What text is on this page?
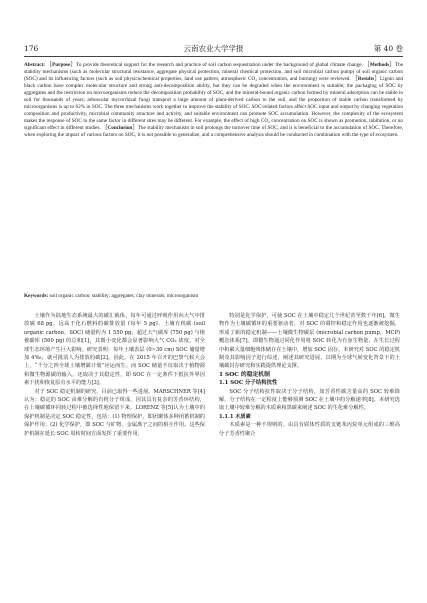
176	云南农业大学学报	第 40 卷
Abstract: ［Purpose］To provide theoretical support for the research and practice of soil carbon sequestration under the background of global climate change. ［Methods］The stability mechanisms (such as molecular structural resistance, aggregate physical protection, mineral chemical protection, and soil microbial carbon pump) of soil organic carbon (SOC) and its influencing factors (such as soil physicochemical properties, land use pattern, atmospheric CO₂ concentration, and burning) were reviewed. ［Results］Lignin and black carbon have complex molecular structure and strong anti-decomposition ability, but they can be degraded when the environment is suitable; the packaging of SOC by aggregates and the restriction on microorganisms reduce the decomposition probability of SOC, and the mineral-bound organic carbon formed by mineral adsorption can be stable in soil for thousands of years; arbuscular mycorrhizal fungi transport a large amount of plant-derived carbon to the soil, and the proportion of stable carbon transformed by microorganisms is up to 62% in SOC. The three mechanisms work together to improve the stability of SOC. SOC-related factors affect SOC input and output by changing vegetation composition and productivity, microbial community structure and activity, and suitable environment can promote SOC accumulation. However, the complexity of the ecosystem makes the response of SOC to the same factor in different sites may be different. For example, the effect of high CO₂ concentration on SOC is shown as promotion, inhibition, or no significant effect in different studies. ［Conclusion］The stability mechanism in soil prolongs the turnover time of SOC, and it is beneficial to the accumulation of SOC. Therefore, when exploring the impact of various factors on SOC, it is not possible to generalize, and a comprehensive analysis should be conducted in combination with the type of ecosystem.
Keywords: soil organic carbon; stability; aggregates; clay minerals; microorganism

土壤作为陆地生态系统最大的碳汇载体，每年可通过呼吸作用向大气中排放碳 68 pg，远高于化石燃料的碳排放量 (每年 5 pg)，土壤有机碳 (soil organic carbon，SOC) 储量约为 1 550 pg，超过大气碳库 (750 pg) 与植被碳库 (560 pg) 的总和[1]，其微小变化都会显著影响大气 CO₂ 浓度，对全球生态环境产生巨大影响。研究表明：每年土壤表层 (0~30 cm) SOC 储量增加 4‰，就可抵消人为排放的碳[2]。因此，在 2015 年召开的巴黎气候大会上，“千分之四全球土壤增碳计划”应运而生。而 SOC 储量不仅取决于植物源和微生物源碳的输入，还取决于其稳定性，即 SOC 在一定条件下抵抗外界因素干扰和恢复原有水平的能力[3]。

对于 SOC 稳定机制的研究，目前已取得一些进展。MARSCHNER 等[4]认为：稳定的 SOC 由难分解的有机分子组成，因其具有复杂的芳香环结构，在土壤碳循环同转过程中被选择性地保留下来。LORENZ 等[5]认为土壤中的保护机制是决定 SOC 稳定性，包括：(1) 物理保护，即团聚体多种闭蓄机制的保护作用；(2) 化学保护，即 SOC 与矿物、金属离子之间的相互作用。这些保护机制在延长 SOC 周转时间方面发挥了重要作用，

特别是化学保护，可使 SOC 在土壤中稳定几个世纪甚至数千年[6]。微生物作为土壤碳循环的重要驱动者，对 SOC 的调控和稳定作用也逐渐被挖掘，形成了新的稳定机制——土壤微生物碳泵 (microbial carbon pump，MCP) 概念体系[7]。即微生物通过同化作用将 SOC 转化为自身生物量，在生长过程中积累大量细胞残体储存在土壤中，增加 SOC 固存。本研究对 SOC 的稳定机制及其影响因子进行综述，阐述其研究进展，以期为全球气候变化背景下的土壤碳封存研究和实践提供理论支撑。

1 SOC 的稳定机制

1.1 SOC 分子结构抗性

SOC 分子结构抗性取决于分子结构，如芳香性碳含量高的 SOC 较难降解，分子结构在一定程度上能够预测 SOC 在土壤中的分解速率[8]。本研究选取土壤中较难分解的木质素和黑碳来阐述 SOC 的生化难分解性。

1.1.1 木质素

木质素是一种不规则的、由具有联体性质的支链苯丙烷单元组成的三维高分子芳香性聚合
